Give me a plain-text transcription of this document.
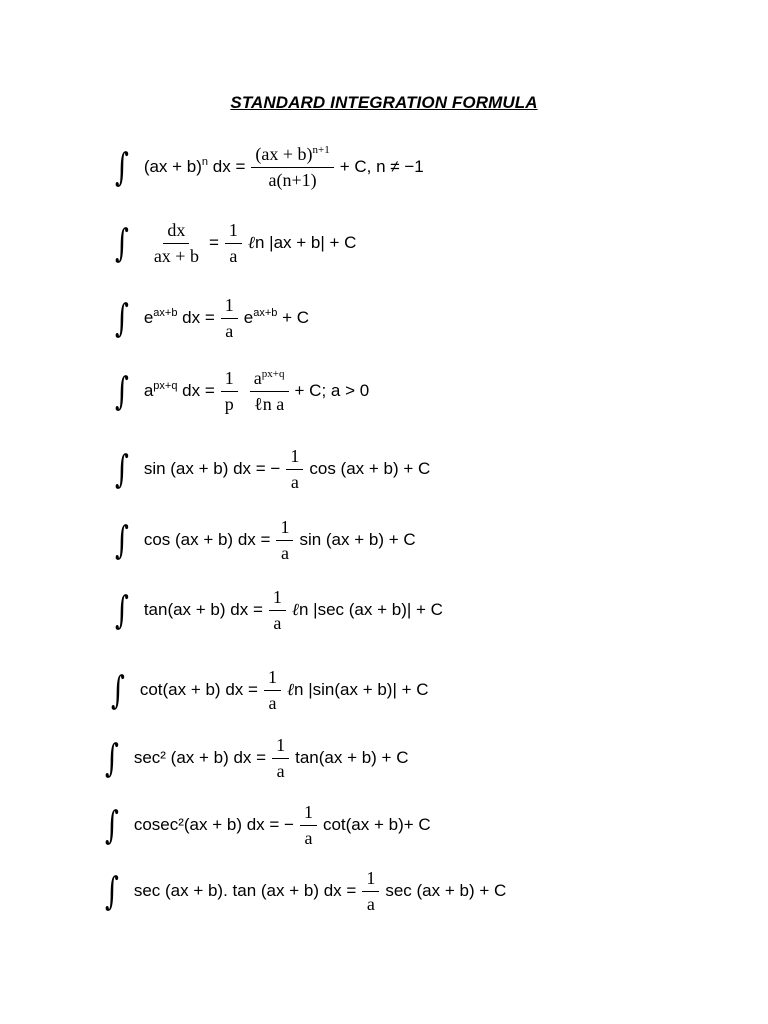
STANDARD INTEGRATION FORMULA
∫ (ax + b)$^n$ dx = $\frac{(ax + b)^{n+1}}{a(n+1)} + C$, n ≠ −1
∫ $\frac{dx}{ax + b} = \frac{1}{a}$ ℓn |ax + b| + C
∫ $e^{ax+b}$ dx = $\frac{1}{a} e^{ax+b} + C$
∫ $a^{px+q}$ dx = $\frac{1}{p} \frac{a^{px+q}}{\text{ℓn a}} + C$; a > 0
∫ sin (ax + b) dx = − $\frac{1}{a}$ cos (ax + b) + C
∫ cos (ax + b) dx = $\frac{1}{a}$ sin (ax + b) + C
∫ tan(ax + b) dx = $\frac{1}{a}$ ℓn |sec (ax + b)| + C
∫ cot(ax + b) dx = $\frac{1}{a}$ ℓn |sin(ax + b)| + C
∫ sec² (ax + b) dx = $\frac{1}{a} \tan(ax + b) + C$
∫ cosec²(ax + b) dx = − $\frac{1}{a} \cot(ax + b)+ C$
∫ sec (ax + b). tan (ax + b) dx = $\frac{1}{a}$ sec (ax + b) + C
